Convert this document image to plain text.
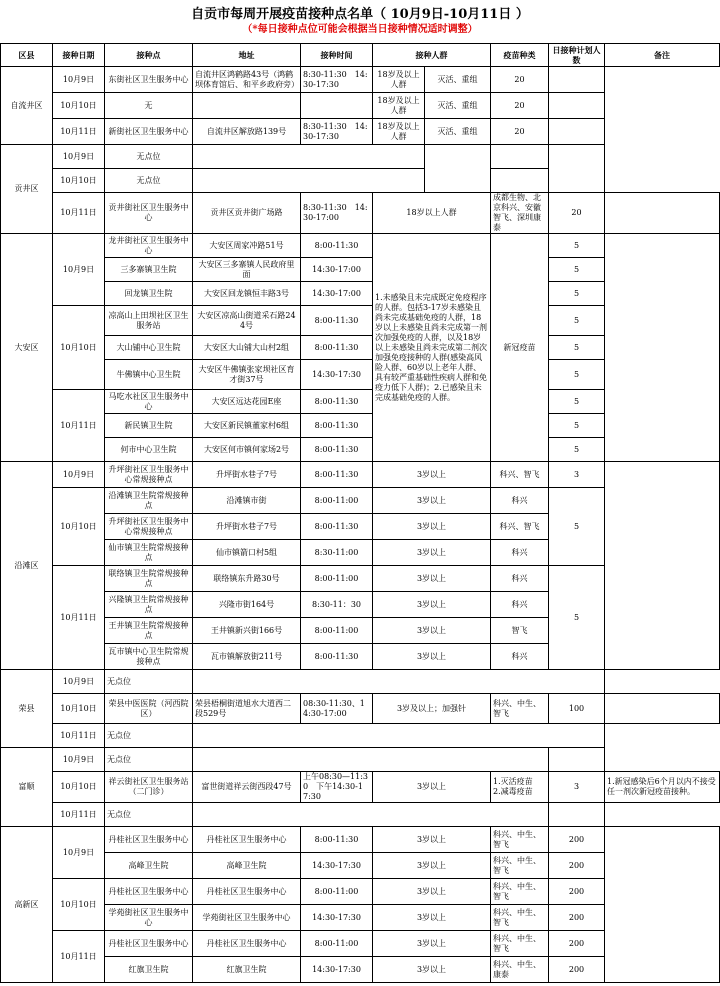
自贡市每周开展疫苗接种点名单（ 10月9日-10月11日 ）
（*每日接种点位可能会根据当日接种情况适时调整）
区县	接种日期	接种点	地址	接种时间	接种人群		疫苗种类	日接种计划人数	备注
自流井区	10月9日	东街社区卫生服务中心	自流井区鸿鹤路43号（鸿鹤坝体育馆后、和平乡政府旁）	8:30-11:30　14:30-17:30	18岁及以上人群	灭活、重组	20		
	10月10日	无			18岁及以上人群	灭活、重组	20		
	10月11日	新街社区卫生服务中心	自流井区解放路139号	8:30-11:30　14:30-17:30	18岁及以上人群	灭活、重组	20		
贡井区	10月9日	无点位							
	10月10日	无点位							
	10月11日	贡井街社区卫生服务中心	贡井区贡井街广场路	8:30-11:30　14:30-17:00	18岁以上人群		成都生物、北京科兴、安徽智飞、深圳康泰	20	
大安区	10月9日	龙井街社区卫生服务中心	大安区周家冲路51号	8:00-11:30	1.未感染且未完成既定免疫程序的人群。包括3-17岁未感染且尚未完成基础免疫的人群，18岁以上未感染且尚未完成第一剂次加强免疫的人群，以及18岁以上未感染且尚未完成第二剂次加强免疫接种的人群(感染高风险人群、60岁以上老年人群、具有较严重基础性疾病人群和免疫力低下人群)；2.已感染且未完成基础免疫的人群。		新冠疫苗	5	
		三多寨镇卫生院	大安区三多寨镇人民政府里面	14:30-17:00				5	
		回龙镇卫生院	大安区回龙镇恒丰路3号	14:30-17:00				5	
	10月10日	凉高山上田坝社区卫生服务站	大安区凉高山街道采石路244号	8:00-11:30				5	
		大山铺中心卫生院	大安区大山铺大山村2组	8:00-11:30				5	
		牛佛镇中心卫生院	大安区牛佛镇张家坝社区育才街37号	14:30-17:30				5	
	10月11日	马吃水社区卫生服务中心	大安区远达花园E座	8:00-11:30				5	
		新民镇卫生院	大安区新民镇董家村6组	8:00-11:30				5	
		何市中心卫生院	大安区何市镇何家场2号	8:00-11:30				5	
沿滩区	10月9日	升坪街社区卫生服务中心常规接种点	升坪街水巷子7号	8:00-11:30	3岁以上		科兴、智飞	3	
	10月10日	沿滩镇卫生院常规接种点	沿滩镇市街	8:00-11:00	3岁以上		科兴	5	
		升坪街社区卫生服务中心常规接种点	升坪街水巷子7号	8:00-11:30	3岁以上		科兴、智飞		
		仙市镇卫生院常规接种点	仙市镇箭口村5组	8:30-11:00	3岁以上		科兴		
	10月11日	联络镇卫生院常规接种点	联络镇东升路30号	8:00-11:00	3岁以上		科兴	5	
		兴隆镇卫生院常规接种点	兴隆市街164号	8:30-11：30	3岁以上		科兴		
		王井镇卫生院常规接种点	王井镇新兴街166号	8:00-11:00	3岁以上		智飞		
		瓦市镇中心卫生院常规接种点	瓦市镇解放街211号	8:00-11:30	3岁以上		科兴		
荣县	10月9日	无点位							
	10月10日	荣县中医医院（河西院区）	荣县梧桐街道旭水大道西二段529号	08:30-11:30、14:30-17:00	3岁及以上；加强针		科兴、中生、智飞	100	
	10月11日	无点位							
富顺	10月9日	无点位							
	10月10日	祥云街社区卫生服务站（二门诊）	富世街道祥云街西段47号	上午08:30—11:30　下午14:30-17:30	3岁以上		1.灭活疫苗　2.减毒疫苗	3	1.新冠感染后6个月以内不接受任一剂次新冠疫苗接种。
	10月11日	无点位							
高新区	10月9日	丹桂社区卫生服务中心	丹桂社区卫生服务中心	8:00-11:30	3岁以上		科兴、中生、智飞	200	
		高峰卫生院	高峰卫生院	14:30-17:30	3岁以上		科兴、中生、智飞	200	
	10月10日	丹桂社区卫生服务中心	丹桂社区卫生服务中心	8:00-11:00	3岁以上		科兴、中生、智飞	200	
		学苑街社区卫生服务中心	学苑街社区卫生服务中心	14:30-17:30	3岁以上		科兴、中生、智飞	200	
	10月11日	丹桂社区卫生服务中心	丹桂社区卫生服务中心	8:00-11:00	3岁以上		科兴、中生、智飞	200	
		红旗卫生院	红旗卫生院	14:30-17:30	3岁以上		科兴、中生、康泰	200	
